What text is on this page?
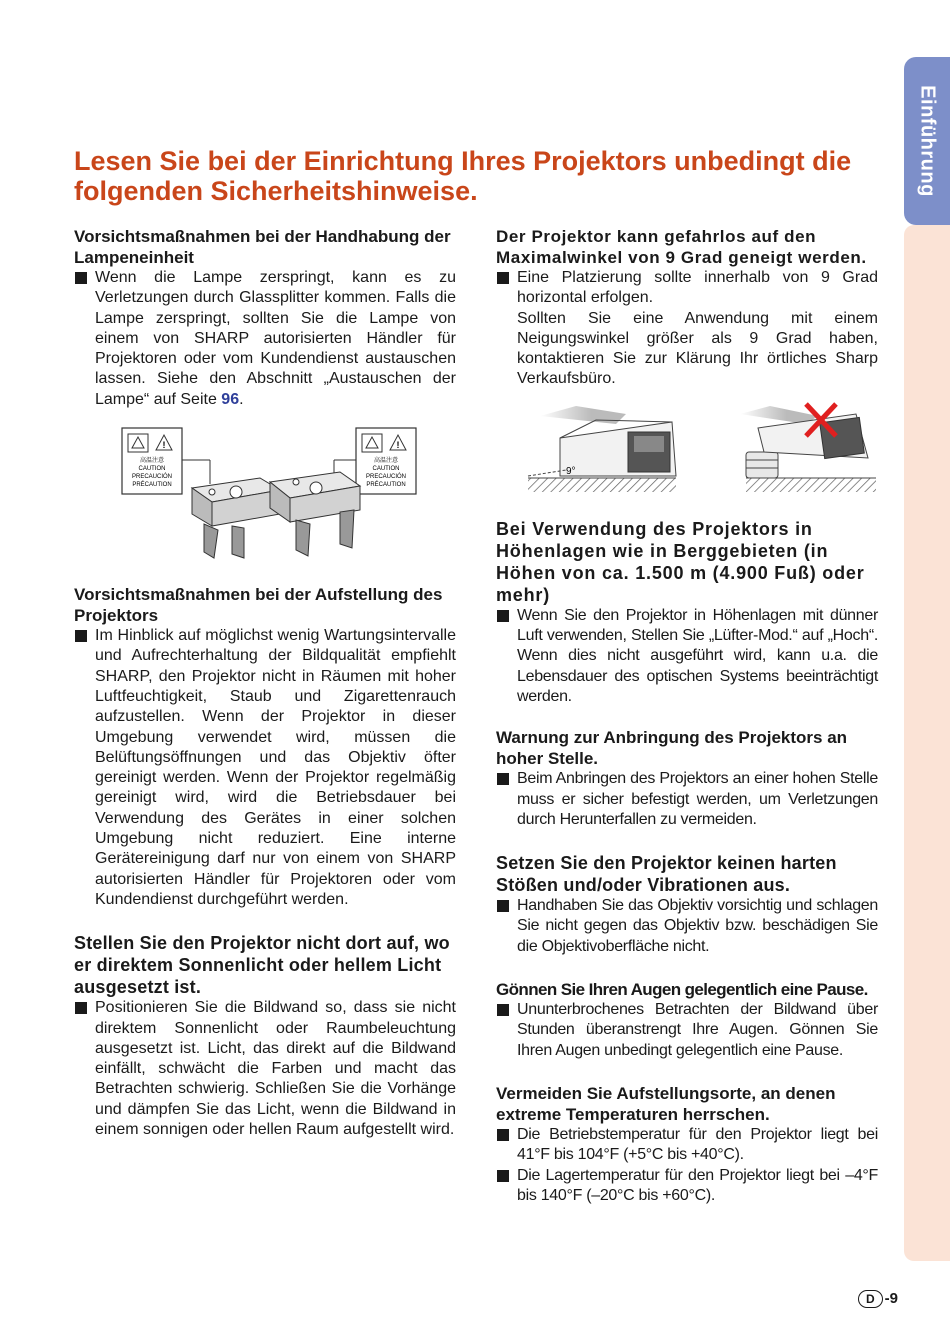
Einführung
Lesen Sie bei der Einrichtung Ihres Projektors unbedingt die folgenden Sicherheitshinweise.
Vorsichtsmaßnahmen bei der Handhabung der Lampeneinheit

Wenn die Lampe zerspringt, kann es zu Verletzungen durch Glassplitter kommen. Falls die Lampe zerspringt, sollten Sie die Lampe von einem von SHARP autorisierten Händler für Projektoren oder vom Kundendienst austauschen lassen. Siehe den Abschnitt „Austauschen der Lampe“ auf Seite 96.

!
高温注意
CAUTION
PRECAUCIÓN
PRÉCAUTION
!
高温注意
CAUTION
PRECAUCIÓN
PRÉCAUTION
Vorsichtsmaßnahmen bei der Aufstellung des Projektors

Im Hinblick auf möglichst wenig Wartungsintervalle und Aufrechterhaltung der Bildqualität empfiehlt SHARP, den Projektor nicht in Räumen mit hoher Luftfeuchtigkeit, Staub und Zigarettenrauch aufzustellen. Wenn der Projektor in dieser Umgebung verwendet wird, müssen die Belüftungsöffnungen und das Objektiv öfter gereinigt werden. Wenn der Projektor regelmäßig gereinigt wird, wird die Betriebsdauer bei Verwendung des Gerätes in einer solchen Umgebung nicht reduziert. Eine interne Gerätereinigung darf nur von einem von SHARP autorisierten Händler für Projektoren oder vom Kundendienst durchgeführt werden.

Stellen Sie den Projektor nicht dort auf, wo er direktem Sonnenlicht oder hellem Licht ausgesetzt ist.

Positionieren Sie die Bildwand so, dass sie nicht direktem Sonnenlicht oder Raumbeleuchtung ausgesetzt ist. Licht, das direkt auf die Bildwand einfällt, schwächt die Farben und macht das Betrachten schwierig. Schließen Sie die Vorhänge und dämpfen Sie das Licht, wenn die Bildwand in einem sonnigen oder hellen Raum aufgestellt wird.

Der Projektor kann gefahrlos auf den Maximalwinkel von 9 Grad geneigt werden.

Eine Platzierung sollte innerhalb von 9 Grad horizontal erfolgen.

Sollten Sie eine Anwendung mit einem Neigungswinkel größer als 9 Grad haben, kontaktieren Sie zur Klärung Ihr örtliches Sharp Verkaufsbüro.

9°
Bei Verwendung des Projektors in Höhenlagen wie in Berggebieten (in Höhen von ca. 1.500 m (4.900 Fuß) oder mehr)

Wenn Sie den Projektor in Höhenlagen mit dünner Luft verwenden, Stellen Sie „Lüfter-Mod.“ auf „Hoch“. Wenn dies nicht ausgeführt wird, kann u.a. die Lebensdauer des optischen Systems beeinträchtigt werden.

Warnung zur Anbringung des Projektors an hoher Stelle.

Beim Anbringen des Projektors an einer hohen Stelle muss er sicher befestigt werden, um Verletzungen durch Herunterfallen zu vermeiden.

Setzen Sie den Projektor keinen harten Stößen und/oder Vibrationen aus.

Handhaben Sie das Objektiv vorsichtig und schlagen Sie nicht gegen das Objektiv bzw. beschädigen Sie die Objektivoberfläche nicht.

Gönnen Sie Ihren Augen gelegentlich eine Pause.

Ununterbrochenes Betrachten der Bildwand über Stunden überanstrengt Ihre Augen. Gönnen Sie Ihren Augen unbedingt gelegentlich eine Pause.

Vermeiden Sie Aufstellungsorte, an denen extreme Temperaturen herrschen.

Die Betriebstemperatur für den Projektor liegt bei 41°F bis 104°F (+5°C bis +40°C).

Die Lagertemperatur für den Projektor liegt bei –4°F bis 140°F (–20°C bis +60°C).

D -9
